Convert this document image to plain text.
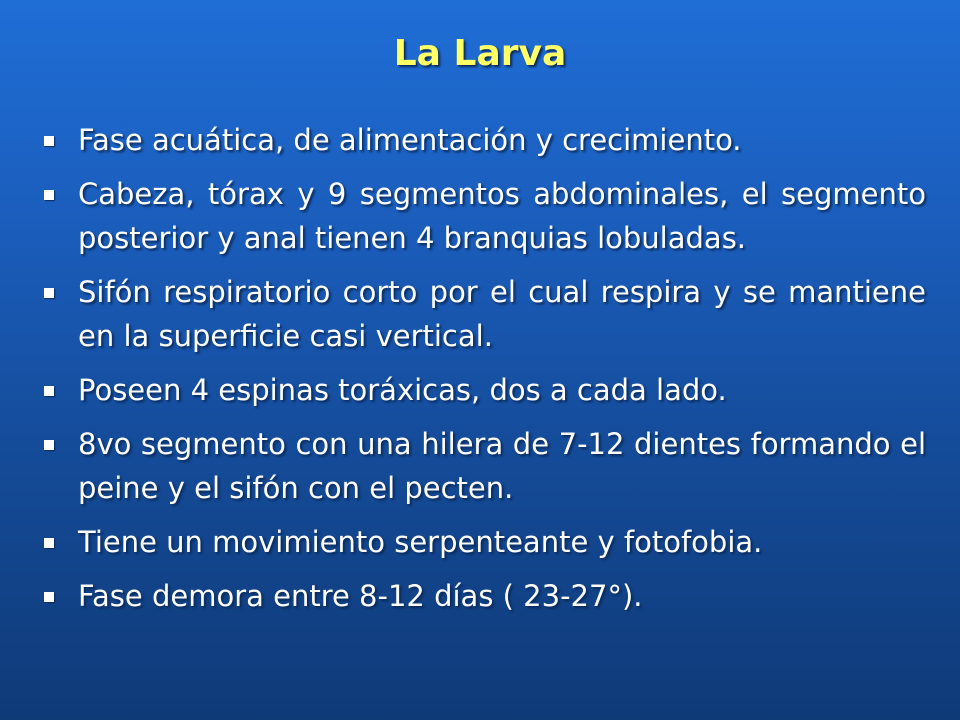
La Larva
Fase acuática, de alimentación y crecimiento.
Cabeza, tórax y 9 segmentos abdominales, el segmento posterior y anal tienen 4 branquias lobuladas.
Sifón respiratorio corto por el cual respira y se mantiene en la superficie casi vertical.
Poseen 4 espinas toráxicas, dos a cada lado.
8vo segmento con una hilera de 7-12 dientes formando el peine y el sifón con el pecten.
Tiene un movimiento serpenteante y fotofobia.
Fase demora entre 8-12 días ( 23-27°).
